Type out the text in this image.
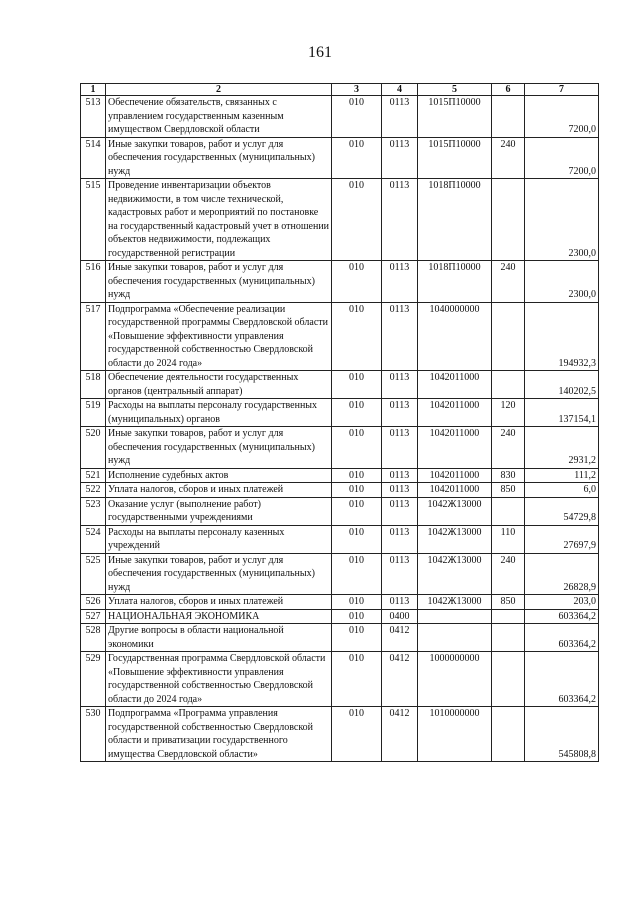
161
1	2	3	4	5	6	7
513	Обеспечение обязательств, связанных с управлением государственным казенным имуществом Свердловской области	010	0113	1015П10000		7200,0
514	Иные закупки товаров, работ и услуг для обеспечения государственных (муниципальных) нужд	010	0113	1015П10000	240	7200,0
515	Проведение инвентаризации объектов недвижимости, в том числе технической, кадастровых работ и мероприятий по постановке на государственный кадастровый учет в отношении объектов недвижимости, подлежащих государственной регистрации	010	0113	1018П10000		2300,0
516	Иные закупки товаров, работ и услуг для обеспечения государственных (муниципальных) нужд	010	0113	1018П10000	240	2300,0
517	Подпрограмма «Обеспечение реализации государственной программы Свердловской области «Повышение эффективности управления государственной собственностью Свердловской области до 2024 года»	010	0113	1040000000		194932,3
518	Обеспечение деятельности государственных органов (центральный аппарат)	010	0113	1042011000		140202,5
519	Расходы на выплаты персоналу государственных (муниципальных) органов	010	0113	1042011000	120	137154,1
520	Иные закупки товаров, работ и услуг для обеспечения государственных (муниципальных) нужд	010	0113	1042011000	240	2931,2
521	Исполнение судебных актов	010	0113	1042011000	830	111,2
522	Уплата налогов, сборов и иных платежей	010	0113	1042011000	850	6,0
523	Оказание услуг (выполнение работ) государственными учреждениями	010	0113	1042Ж13000		54729,8
524	Расходы на выплаты персоналу казенных учреждений	010	0113	1042Ж13000	110	27697,9
525	Иные закупки товаров, работ и услуг для обеспечения государственных (муниципальных) нужд	010	0113	1042Ж13000	240	26828,9
526	Уплата налогов, сборов и иных платежей	010	0113	1042Ж13000	850	203,0
527	НАЦИОНАЛЬНАЯ ЭКОНОМИКА	010	0400			603364,2
528	Другие вопросы в области национальной экономики	010	0412			603364,2
529	Государственная программа Свердловской области «Повышение эффективности управления государственной собственностью Свердловской области до 2024 года»	010	0412	1000000000		603364,2
530	Подпрограмма «Программа управления государственной собственностью Свердловской области и приватизации государственного имущества Свердловской области»	010	0412	1010000000		545808,8
